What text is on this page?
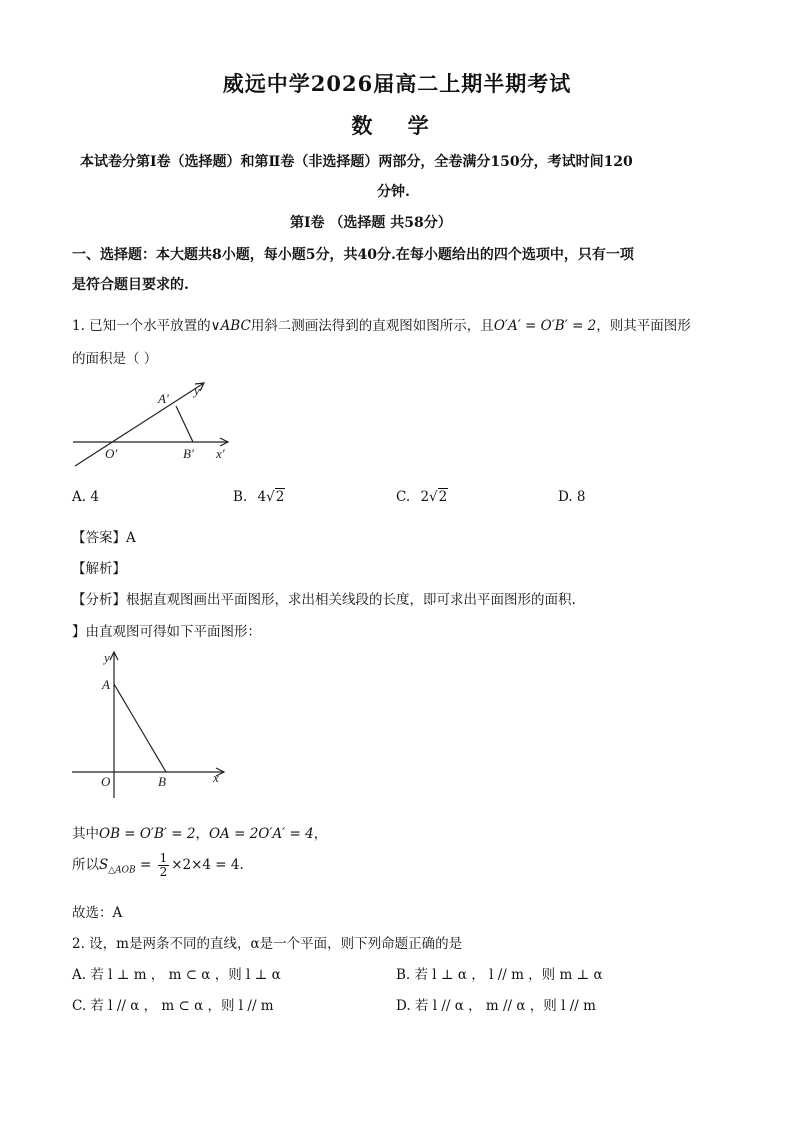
威远中学2026届高二上期半期考试
数 学
本试卷分第Ⅰ卷（选择题）和第Ⅱ卷（非选择题）两部分，全卷满分150分，考试时间120
分钟.
第Ⅰ卷 （选择题 共58分）
一、选择题：本大题共8小题，每小题5分，共40分.在每小题给出的四个选项中，只有一项
是符合题目要求的.
1. 已知一个水平放置的∨ABC用斜二测画法得到的直观图如图所示，且O′A′ = O′B′ = 2，则其平面图形
的面积是（ ）
A′
y′
O′	B′ x′
A. 4	B. 4√2	C. 2√2	D. 8
【答案】A
【解析】
【分析】根据直观图画出平面图形，求出相关线段的长度，即可求出平面图形的面积.
】由直观图可得如下平面图形：
y
A
O	B	x
其中OB = O′B′ = 2，OA = 2O′A′ = 4，
所以$S_{\triangle AOB} = \frac{1}{2} \times 2\times 4 = 4$.
故选：A
2. 设，m是两条不同的直线，α是一个平面，则下列命题正确的是
A. 若 l ⊥ m ， m ⊂ α ，则 l ⊥ α	B. 若 l ⊥ α ， l // m ，则 m ⊥ α
C. 若 l // α ， m ⊂ α ，则 l // m	D. 若 l // α ， m // α ，则 l // m
